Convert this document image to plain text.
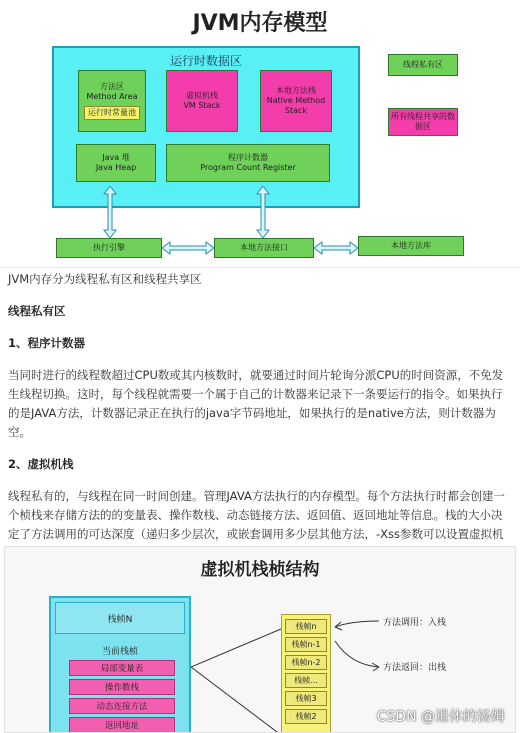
JVM内存模型
运行时数据区
方法区
Method Area
运行时常量池
虚拟机栈
VM Stack
本地方法栈
Native Method Stack
Java 堆
Java Heap
程序计数器
Program Count Register
线程私有区
所有线程共享的数据区
执行引擎	本地方法接口	本地方法库
JVM内存分为线程私有区和线程共享区
线程私有区
1、程序计数器
当同时进行的线程数超过CPU数或其内核数时，就要通过时间片轮询分派CPU的时间资源，不免发
生线程切换。这时，每个线程就需要一个属于自己的计数器来记录下一条要运行的指令。如果执行
的是JAVA方法，计数器记录正在执行的java字节码地址，如果执行的是native方法，则计数器为
空。
2、虚拟机栈
线程私有的，与线程在同一时间创建。管理JAVA方法执行的内存模型。每个方法执行时都会创建一
个桢栈来存储方法的的变量表、操作数栈、动态链接方法、返回值、返回地址等信息。栈的大小决
定了方法调用的可达深度（递归多少层次，或嵌套调用多少层其他方法，-Xss参数可以设置虚拟机
虚拟机栈桢结构
栈帧N
当前栈桢
局部变量表
操作数栈
动态连接方法
返回地址
栈帧n
栈帧n-1
栈帧n-2
栈帧...
栈帧3
栈帧2
方法调用：入栈
方法返回：出栈
CSDN @退休的汤姆
